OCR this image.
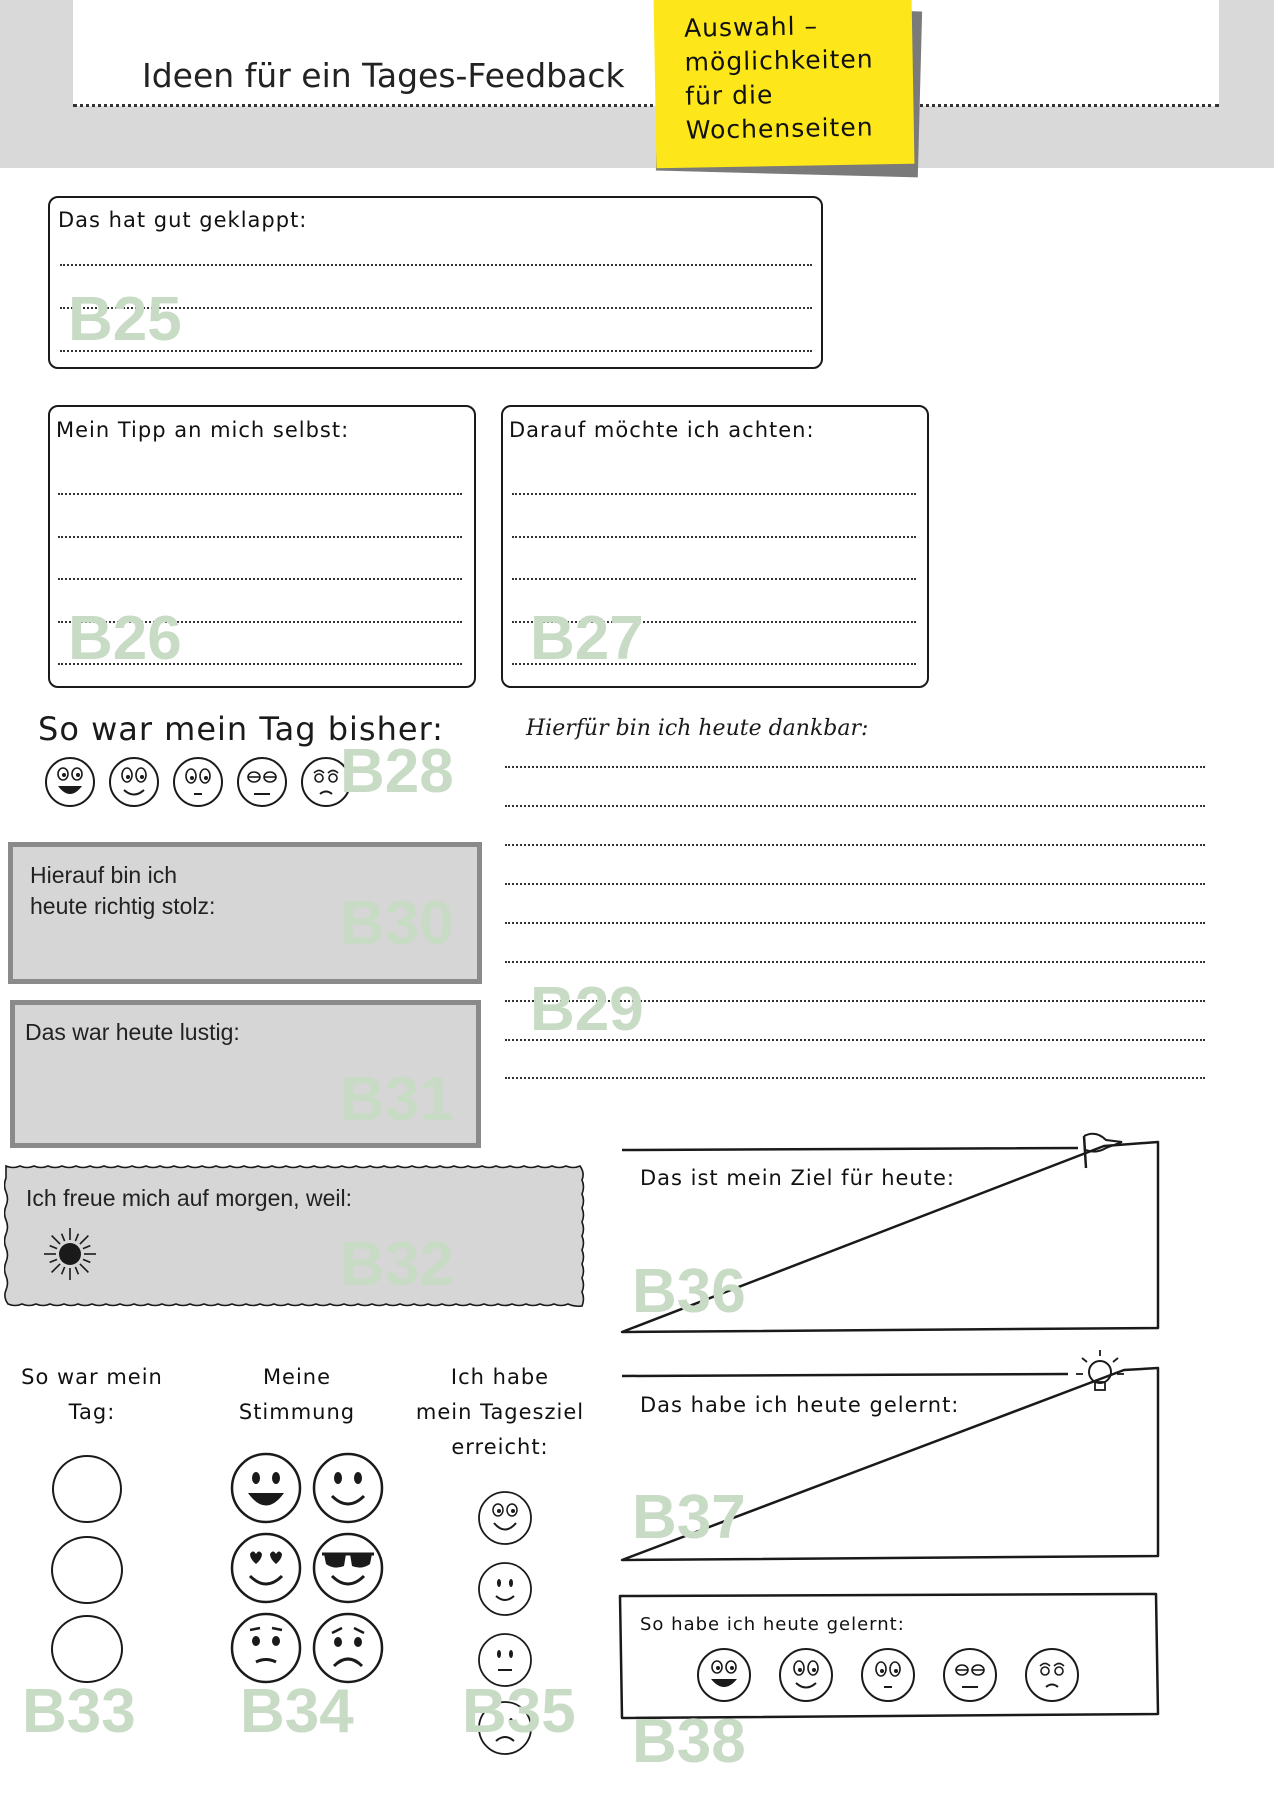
Ideen für ein Tages-Feedback
Auswahl –
möglichkeiten
für die
Wochenseiten
Das hat gut geklappt:
B25
Mein Tipp an mich selbst:
B26
Darauf möchte ich achten:
B27
So war mein Tag bisher:
B28
Hierfür bin ich heute dankbar:
B29
Hierauf bin ich
heute richtig stolz: B30
Das war heute lustig:
B31
Ich freue mich auf morgen, weil:
B32
So war mein
Tag:
Meine
Stimmung
Ich habe
mein Tagesziel
erreicht:
B33 B34 B35
Das ist mein Ziel für heute:
B36
Das habe ich heute gelernt:
B37
So habe ich heute gelernt:
B38
